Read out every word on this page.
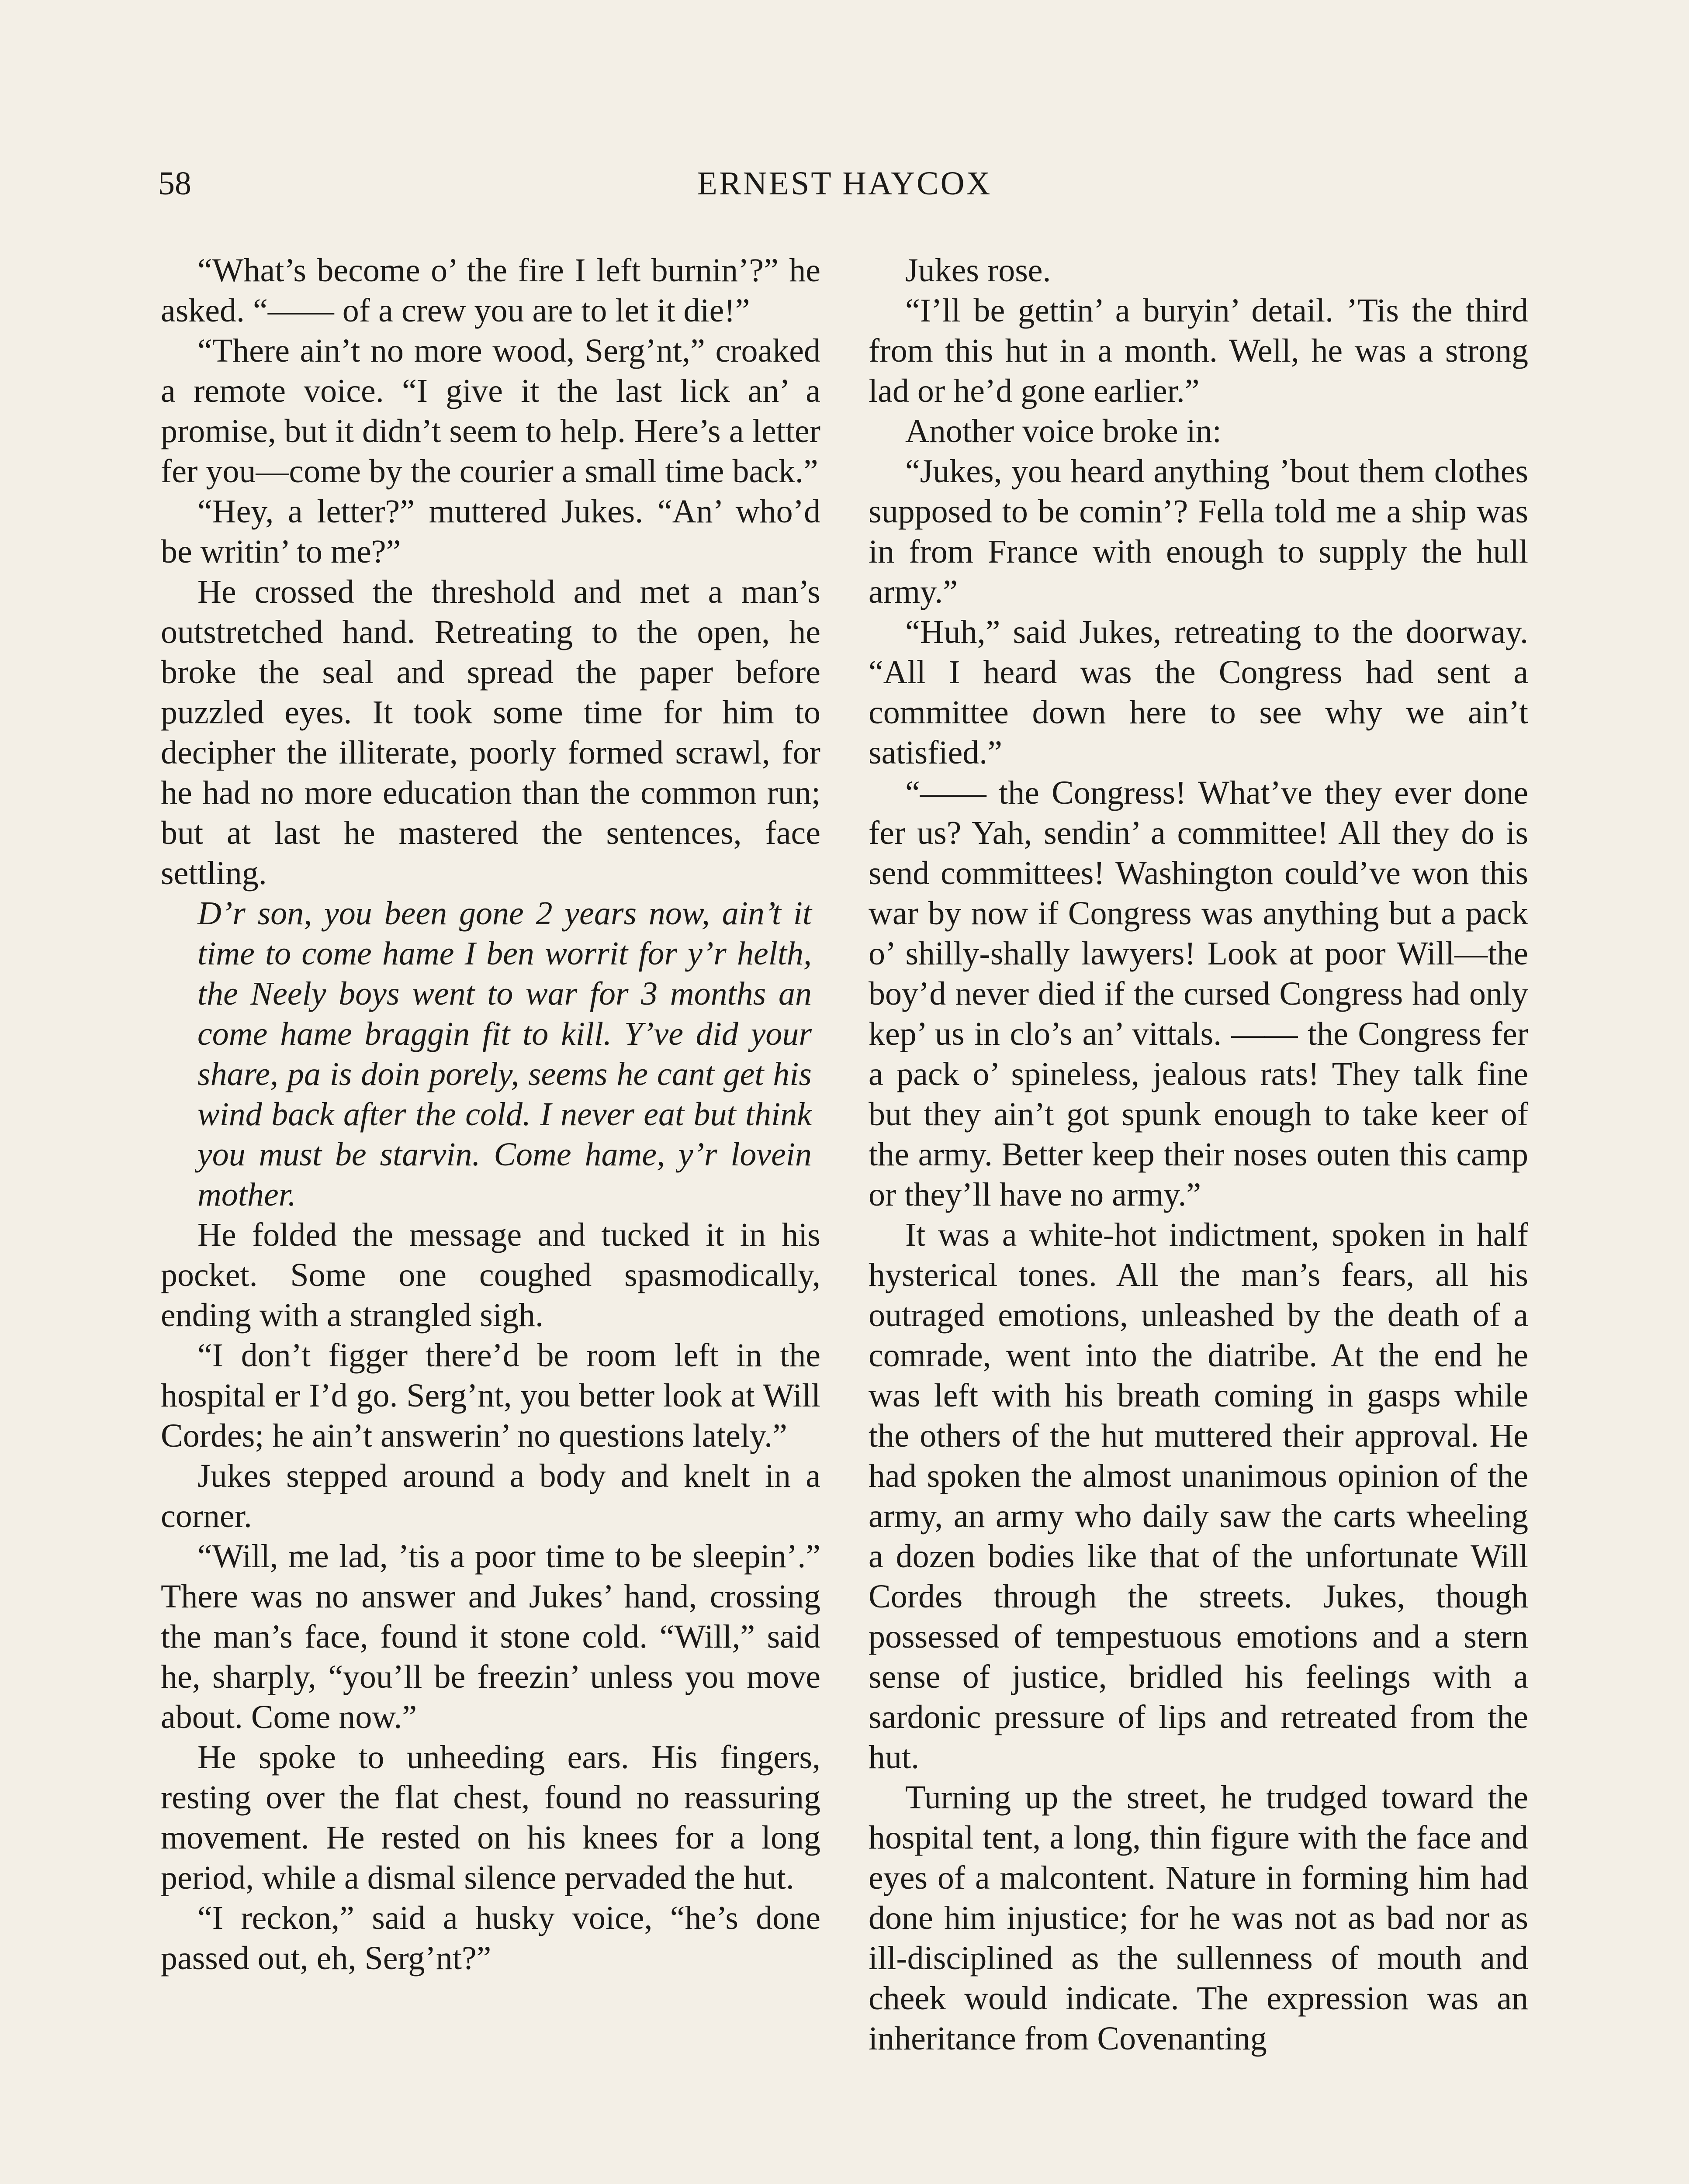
58	ERNEST HAYCOX

“What’s become o’ the fire I left burnin’?” he asked. “—— of a crew you are to let it die!”

“There ain’t no more wood, Serg’nt,” croaked a remote voice. “I give it the last lick an’ a promise, but it didn’t seem to help. Here’s a letter fer you—come by the courier a small time back.”

“Hey, a letter?” muttered Jukes. “An’ who’d be writin’ to me?”

He crossed the threshold and met a man’s outstretched hand. Retreating to the open, he broke the seal and spread the paper before puzzled eyes. It took some time for him to decipher the illiterate, poorly formed scrawl, for he had no more education than the common run; but at last he mastered the sentences, face settling.

D’r son, you been gone 2 years now, ain’t it time to come hame I ben worrit for y’r helth, the Neely boys went to war for 3 months an come hame braggin fit to kill. Y’ve did your share, pa is doin porely, seems he cant get his wind back after the cold. I never eat but think you must be starvin. Come hame, y’r lovein mother.

He folded the message and tucked it in his pocket. Some one coughed spasmodically, ending with a strangled sigh.

“I don’t figger there’d be room left in the hospital er I’d go. Serg’nt, you better look at Will Cordes; he ain’t answerin’ no questions lately.”

Jukes stepped around a body and knelt in a corner.

“Will, me lad, ’tis a poor time to be sleepin’.” There was no answer and Jukes’ hand, crossing the man’s face, found it stone cold. “Will,” said he, sharply, “you’ll be freezin’ unless you move about. Come now.”

He spoke to unheeding ears. His fingers, resting over the flat chest, found no reassuring movement. He rested on his knees for a long period, while a dismal silence pervaded the hut.

“I reckon,” said a husky voice, “he’s done passed out, eh, Serg’nt?”

Jukes rose.

“I’ll be gettin’ a buryin’ detail. ’Tis the third from this hut in a month. Well, he was a strong lad or he’d gone earlier.”

Another voice broke in:

“Jukes, you heard anything ’bout them clothes supposed to be comin’? Fella told me a ship was in from France with enough to supply the hull army.”

“Huh,” said Jukes, retreating to the doorway. “All I heard was the Congress had sent a committee down here to see why we ain’t satisfied.”

“—— the Congress! What’ve they ever done fer us? Yah, sendin’ a committee! All they do is send committees! Washington could’ve won this war by now if Congress was anything but a pack o’ shilly-shally lawyers! Look at poor Will—the boy’d never died if the cursed Congress had only kep’ us in clo’s an’ vittals. —— the Congress fer a pack o’ spineless, jealous rats! They talk fine but they ain’t got spunk enough to take keer of the army. Better keep their noses outen this camp or they’ll have no army.”

It was a white-hot indictment, spoken in half hysterical tones. All the man’s fears, all his outraged emotions, unleashed by the death of a comrade, went into the diatribe. At the end he was left with his breath coming in gasps while the others of the hut muttered their approval. He had spoken the almost unanimous opinion of the army, an army who daily saw the carts wheeling a dozen bodies like that of the unfortunate Will Cordes through the streets. Jukes, though possessed of tempestuous emotions and a stern sense of justice, bridled his feelings with a sardonic pressure of lips and retreated from the hut.

Turning up the street, he trudged toward the hospital tent, a long, thin figure with the face and eyes of a malcontent. Nature in forming him had done him injustice; for he was not as bad nor as ill-disciplined as the sullenness of mouth and cheek would indicate. The expression was an inheritance from Covenanting
